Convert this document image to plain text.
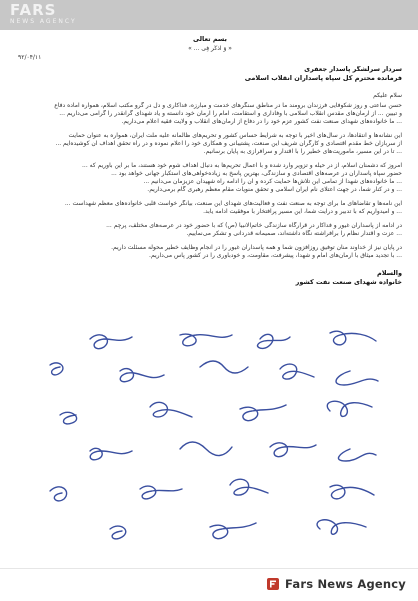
FARS
NEWS AGENCY
بسم تعالی
« وَ اُذکُر فِی ... »
۹۲/۰۴/۱۱
سردار سرلشگر پاسدار جعفری
فرمانده محترم کل سپاه پاسداران انقلاب اسلامی
سلام علیکم
حسن ساعتی و روز شکوفایی فرزندان برومند ما در مناطق سنگرهای خدمت و مبارزه، فداکاری و دل در گرو مکتب اسلام، همواره آماده دفاع
و تبیین ... از آرمان‌های مقدس انقلاب اسلامی با وفاداری و استقامت، امام را آرمان خود دانسته و یاد شهدای گرانقدر را گرامی می‌داریم ...
... ما خانواده‌های شهدای صنعت نفت کشور عزم خود را در دفاع از آرمان‌های انقلاب و ولایت فقیه اعلام می‌داریم.
این نشانه‌ها و انتقادها، در سال‌های اخیر با توجه به شرایط حساس کشور و تحریم‌های ظالمانه علیه ملت ایران، همواره به عنوان حمایت
از سربازان خط مقدم اقتصادی و کارگران شریف این صنعت، پشتیبانی و همکاری خود را اعلام نموده و در راه تحقق اهداف آن کوشیده‌ایم ...
... تا در این مسیر، ماموریت‌های خطیر را با اقتدار و سرافرازی به پایان برسانیم.
امروز که دشمنان اسلام، از در حیله و تزویر وارد شده و با اعمال تحریم‌ها به دنبال اهداف شوم خود هستند، ما بر این باوریم که ...
حضور سپاه پاسداران در عرصه‌های اقتصادی و سازندگی، بهترین پاسخ به زیاده‌خواهی‌های استکبار جهانی خواهد بود ...
... ما خانواده‌های شهدا از تمامی این تلاش‌ها حمایت کرده و آن را ادامه راه شهیدان عزیزمان می‌دانیم ...
... و در کنار شما، در جهت اعتلای نام ایران اسلامی و تحقق منویات مقام معظم رهبری گام برمی‌داریم.
این نامه‌ها و تقاضاهای ما برای توجه به صنعت نفت و فعالیت‌های شهدای این صنعت، بیانگر خواست قلبی خانواده‌های معظم شهداست ...
... و امیدواریم که با تدبیر و درایت شما، این مسیر پرافتخار با موفقیت ادامه یابد.
در ادامه از پاسداران غیور و فداکار در قرارگاه سازندگی خاتم‌الانبیا (ص) که با حضور خود در عرصه‌های مختلف، پرچم ...
... عزت و اقتدار نظام را برافراشته نگاه داشته‌اند، صمیمانه قدردانی و تشکر می‌نماییم.
در پایان نیز از خداوند منان توفیق روزافزون شما و همه پاسداران غیور را در انجام وظایف خطیر محوله مسئلت داریم.
... با تجدید میثاق با آرمان‌های امام و شهدا، پیشرفت، مقاومت، و خودباوری را در کشور پاس می‌داریم.
والسلام
خانواده شهدای صنعت نفت کشور
Fars News Agency
